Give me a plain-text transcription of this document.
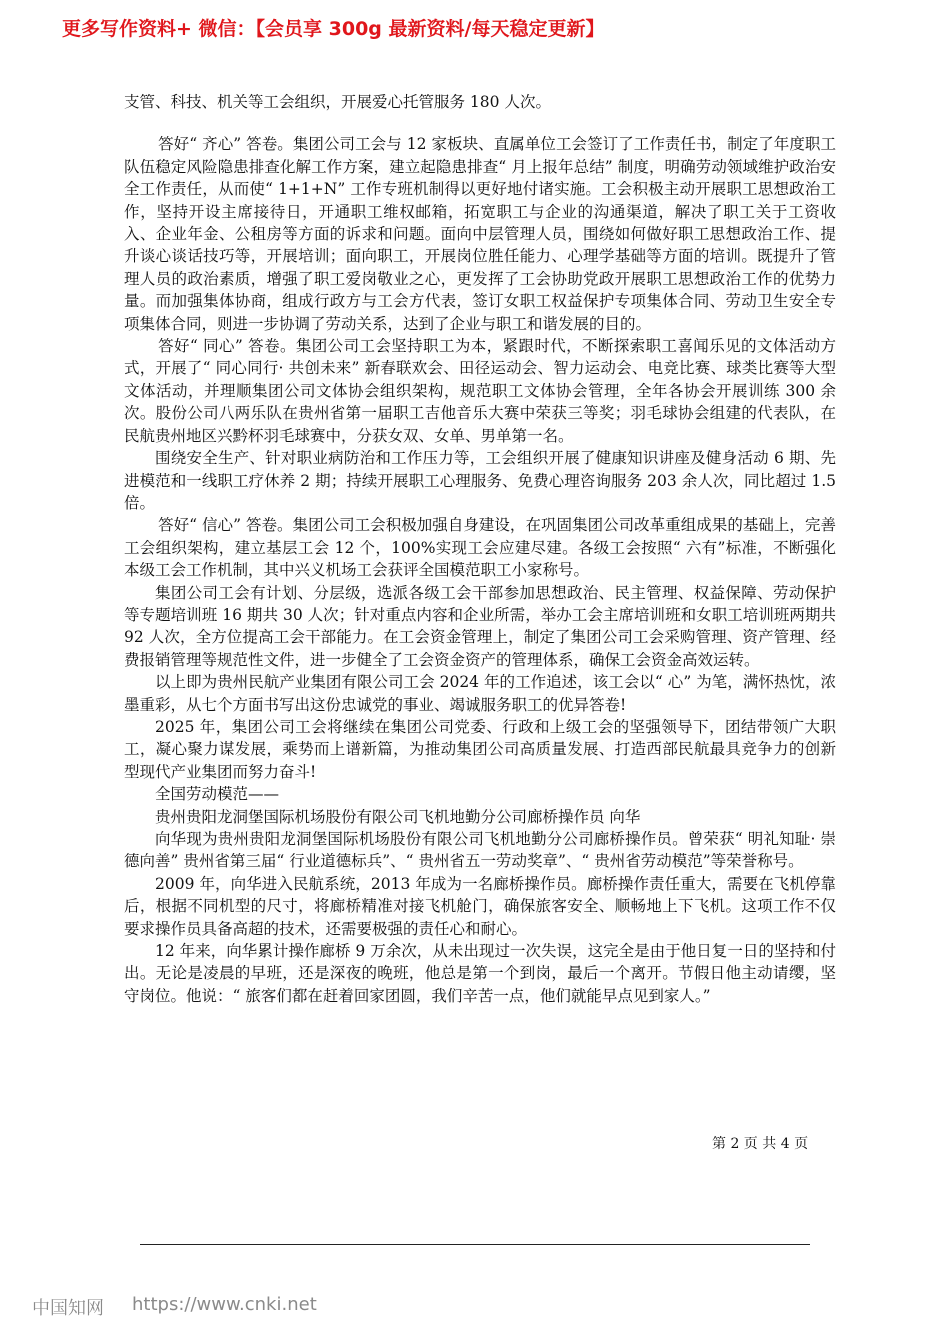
更多写作资料+ 微信：【会员享 300g 最新资料/每天稳定更新】

支管、科技、机关等工会组织，开展爱心托管服务 180 人次。

答好“ 齐心” 答卷。集团公司工会与 12 家板块、直属单位工会签订了工作责任书，制定了年度职工队伍稳定风险隐患排查化解工作方案，建立起隐患排查“ 月上报年总结” 制度，明确劳动领域维护政治安全工作责任，从而使“ 1+1+N” 工作专班机制得以更好地付诸实施。工会积极主动开展职工思想政治工作，坚持开设主席接待日，开通职工维权邮箱，拓宽职工与企业的沟通渠道，解决了职工关于工资收入、企业年金、公租房等方面的诉求和问题。面向中层管理人员，围绕如何做好职工思想政治工作、提升谈心谈话技巧等，开展培训；面向职工，开展岗位胜任能力、心理学基础等方面的培训。既提升了管理人员的政治素质，增强了职工爱岗敬业之心，更发挥了工会协助党政开展职工思想政治工作的优势力量。而加强集体协商，组成行政方与工会方代表，签订女职工权益保护专项集体合同、劳动卫生安全专项集体合同，则进一步协调了劳动关系，达到了企业与职工和谐发展的目的。

答好“ 同心” 答卷。集团公司工会坚持职工为本，紧跟时代，不断探索职工喜闻乐见的文体活动方式，开展了“ 同心同行· 共创未来” 新春联欢会、田径运动会、智力运动会、电竞比赛、球类比赛等大型文体活动，并理顺集团公司文体协会组织架构，规范职工文体协会管理，全年各协会开展训练 300 余次。股份公司八两乐队在贵州省第一届职工吉他音乐大赛中荣获三等奖；羽毛球协会组建的代表队，在民航贵州地区兴黔杯羽毛球赛中，分获女双、女单、男单第一名。

围绕安全生产、针对职业病防治和工作压力等，工会组织开展了健康知识讲座及健身活动 6 期、先进模范和一线职工疗休养 2 期；持续开展职工心理服务、免费心理咨询服务 203 余人次，同比超过 1.5 倍。

答好“ 信心” 答卷。集团公司工会积极加强自身建设，在巩固集团公司改革重组成果的基础上，完善工会组织架构，建立基层工会 12 个，100%实现工会应建尽建。各级工会按照“ 六有”标准，不断强化本级工会工作机制，其中兴义机场工会获评全国模范职工小家称号。

集团公司工会有计划、分层级，选派各级工会干部参加思想政治、民主管理、权益保障、劳动保护等专题培训班 16 期共 30 人次；针对重点内容和企业所需，举办工会主席培训班和女职工培训班两期共 92 人次，全方位提高工会干部能力。在工会资金管理上，制定了集团公司工会采购管理、资产管理、经费报销管理等规范性文件，进一步健全了工会资金资产的管理体系，确保工会资金高效运转。

以上即为贵州民航产业集团有限公司工会 2024 年的工作追述，该工会以“ 心” 为笔，满怀热忱，浓墨重彩，从七个方面书写出这份忠诚党的事业、竭诚服务职工的优异答卷!

2025 年，集团公司工会将继续在集团公司党委、行政和上级工会的坚强领导下，团结带领广大职工，凝心聚力谋发展，乘势而上谱新篇，为推动集团公司高质量发展、打造西部民航最具竞争力的创新型现代产业集团而努力奋斗!

全国劳动模范——

贵州贵阳龙洞堡国际机场股份有限公司飞机地勤分公司廊桥操作员 向华

向华现为贵州贵阳龙洞堡国际机场股份有限公司飞机地勤分公司廊桥操作员。曾荣获“ 明礼知耻· 崇德向善” 贵州省第三届“ 行业道德标兵”、“ 贵州省五一劳动奖章”、“ 贵州省劳动模范”等荣誉称号。

2009 年，向华进入民航系统，2013 年成为一名廊桥操作员。廊桥操作责任重大，需要在飞机停靠后，根据不同机型的尺寸，将廊桥精准对接飞机舱门，确保旅客安全、顺畅地上下飞机。这项工作不仅要求操作员具备高超的技术，还需要极强的责任心和耐心。

12 年来，向华累计操作廊桥 9 万余次，从未出现过一次失误，这完全是由于他日复一日的坚持和付出。无论是凌晨的早班，还是深夜的晚班，他总是第一个到岗，最后一个离开。节假日他主动请缨，坚守岗位。他说：“ 旅客们都在赶着回家团圆，我们辛苦一点，他们就能早点见到家人。”

第 2 页 共 4 页
中国知网 https://www.cnki.net
